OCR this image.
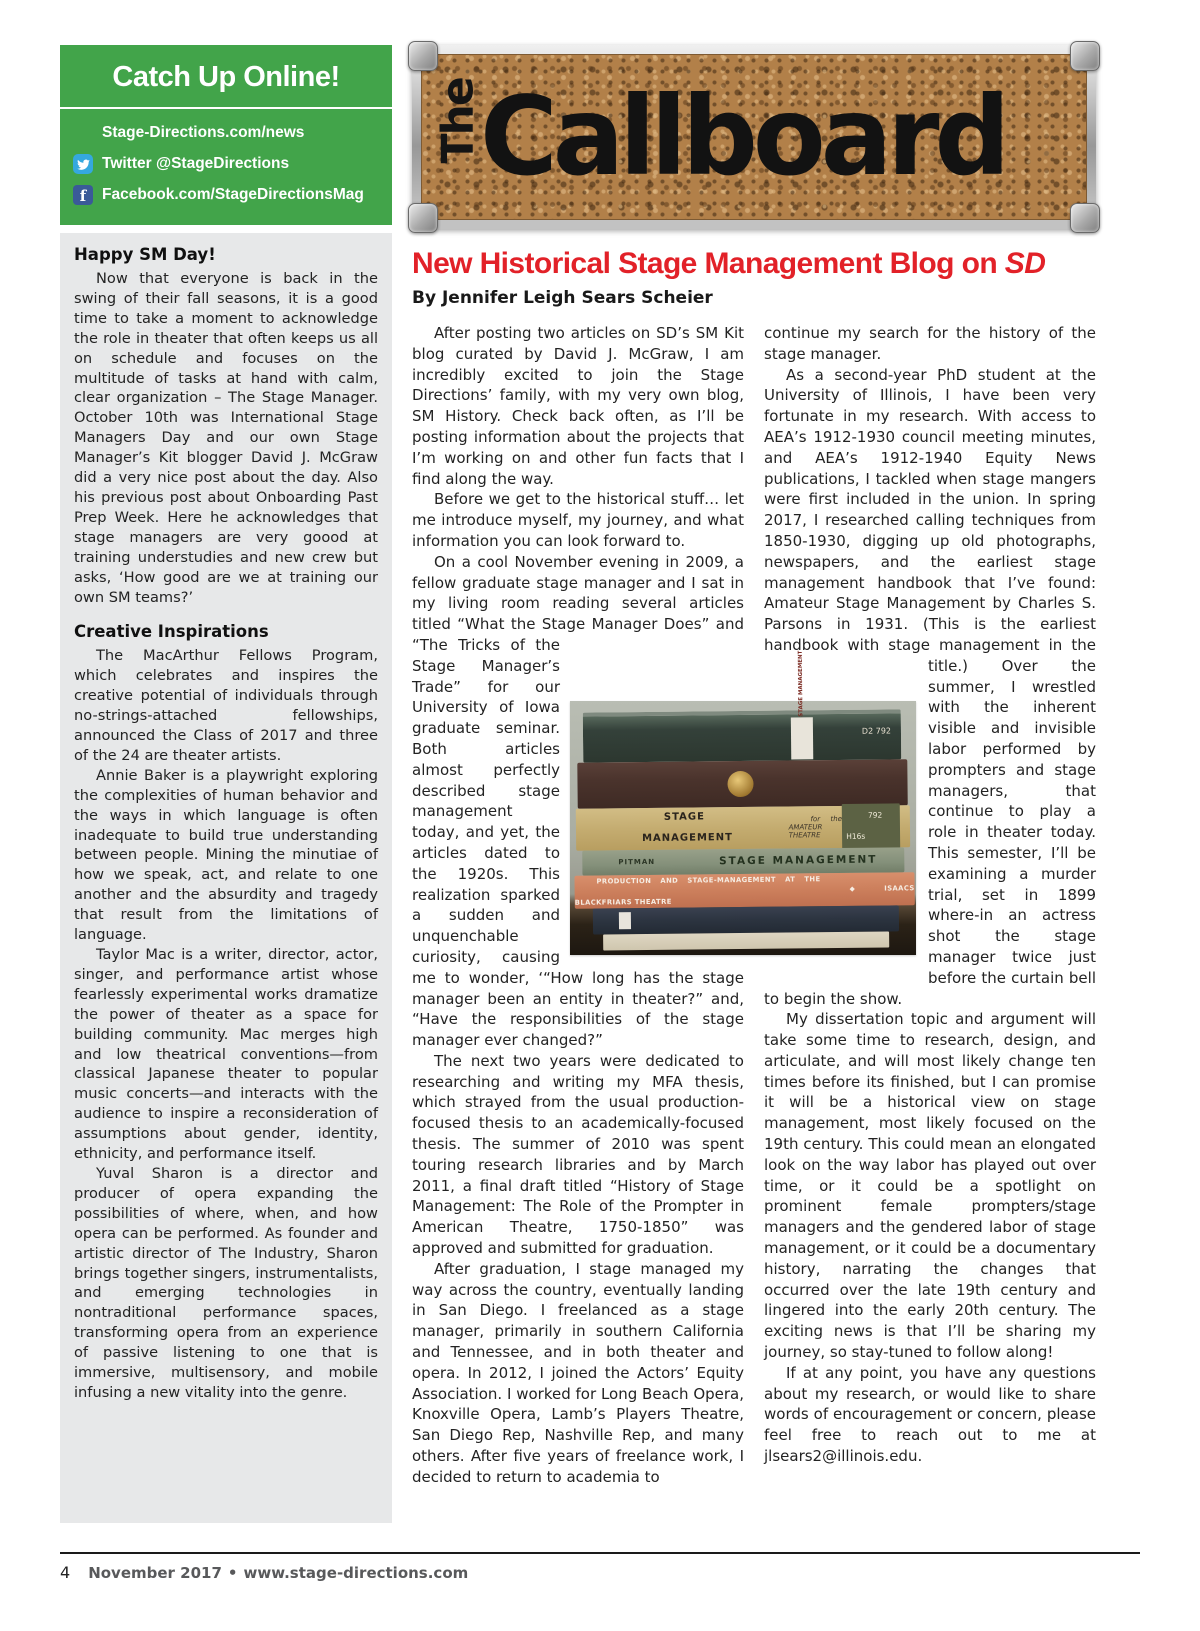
Catch Up Online!
Stage-Directions.com/news
Twitter @StageDirections
f	Facebook.com/StageDirectionsMag
Happy SM Day!

Now that everyone is back in the swing of their fall seasons, it is a good time to take a moment to acknowledge the role in theater that often keeps us all on schedule and focuses on the multitude of tasks at hand with calm, clear organization – The Stage Manager. October 10th was International Stage Managers Day and our own Stage Manager’s Kit blogger David J. McGraw did a very nice post about the day. Also his previous post about Onboarding Past Prep Week. Here he acknowledges that stage managers are very goood at training understudies and new crew but asks, ‘How good are we at training our own SM teams?’

Creative Inspirations

The MacArthur Fellows Program, which celebrates and inspires the creative potential of individuals through no-strings-attached fellowships, announced the Class of 2017 and three of the 24 are theater artists.

Annie Baker is a playwright exploring the complexities of human behavior and the ways in which language is often inadequate to build true understanding between people. Mining the minutiae of how we speak, act, and relate to one another and the absurdity and tragedy that result from the limitations of language.

Taylor Mac is a writer, director, actor, singer, and performance artist whose fearlessly experimental works dramatize the power of theater as a space for building community. Mac merges high and low theatrical conventions—from classical Japanese theater to popular music concerts—and interacts with the audience to inspire a reconsideration of assumptions about gender, identity, ethnicity, and performance itself.

Yuval Sharon is a director and producer of opera expanding the possibilities of where, when, and how opera can be performed. As founder and artistic director of The Industry, Sharon brings together singers, instrumentalists, and emerging technologies in nontraditional performance spaces, transforming opera from an experience of passive listening to one that is immersive, multisensory, and mobile infusing a new vitality into the genre.

The
Callboard
New Historical Stage Management Blog on SD
By Jennifer Leigh Sears Scheier

After posting two articles on SD’s SM Kit blog curated by David J. McGraw, I am incredibly excited to join the Stage Directions’ family, with my very own blog, SM History. Check back often, as I’ll be posting information about the projects that I’m working on and other fun facts that I find along the way.

Before we get to the historical stuff… let me introduce myself, my journey, and what information you can look forward to.

On a cool November evening in 2009, a fellow graduate stage manager and I sat in my living room reading several articles titled “What the Stage Manager Does” and
STAGE MANAGEMENT
D2 792
STAGE MANAGEMENT
for the AMATEUR THEATRE
792 H16s
PITMAN	STAGE MANAGEMENT
PRODUCTION AND STAGE-MANAGEMENT AT THE BLACKFRIARS THEATRE
◆	ISAACS
“The Tricks of the Stage Manager’s Trade” for our University of Iowa graduate seminar. Both articles almost perfectly described stage management today, and yet, the articles dated to the 1920s. This realization sparked a sudden and unquenchable curiosity, causing me to wonder, ‘“How long has the stage manager been an entity in theater?” and, “Have the responsibilities of the stage manager ever changed?”

The next two years were dedicated to researching and writing my MFA thesis, which strayed from the usual production-focused thesis to an academically-focused thesis. The summer of 2010 was spent touring research libraries and by March 2011, a final draft titled “History of Stage Management: The Role of the Prompter in American Theatre, 1750-1850” was approved and submitted for graduation.

After graduation, I stage managed my way across the country, eventually landing in San Diego. I freelanced as a stage manager, primarily in southern California and Tennessee, and in both theater and opera. In 2012, I joined the Actors’ Equity Association. I worked for Long Beach Opera, Knoxville Opera, Lamb’s Players Theatre, San Diego Rep, Nashville Rep, and many others. After five years of freelance work, I decided to return to academia to

continue my search for the history of the stage manager.

As a second-year PhD student at the University of Illinois, I have been very fortunate in my research. With access to AEA’s 1912-1930 council meeting minutes, and AEA’s 1912-1940 Equity News publications, I tackled when stage mangers were first included in the union. In spring 2017, I researched calling techniques from 1850-1930, digging up old photographs, newspapers, and the earliest stage management handbook that I’ve found: Amateur Stage Management by Charles S. Parsons in 1931. (This is the earliest handbook with stage management in the title.) Over the summer, I wrestled with the inherent visible and invisible labor performed by prompters and stage managers, that continue to play a role in theater today. This semester, I’ll be examining a murder trial, set in 1899 where-in an actress shot the stage manager twice just before the curtain bell to begin the show.

My dissertation topic and argument will take some time to research, design, and articulate, and will most likely change ten times before its finished, but I can promise it will be a historical view on stage management, most likely focused on the 19th century. This could mean an elongated look on the way labor has played out over time, or it could be a spotlight on prominent female prompters/stage managers and the gendered labor of stage management, or it could be a documentary history, narrating the changes that occurred over the late 19th century and lingered into the early 20th century. The exciting news is that I’ll be sharing my journey, so stay-tuned to follow along!

If at any point, you have any questions about my research, or would like to share words of encouragement or concern, please feel free to reach out to me at jlsears2@illinois.edu.

4 November 2017 • www.stage-directions.com
